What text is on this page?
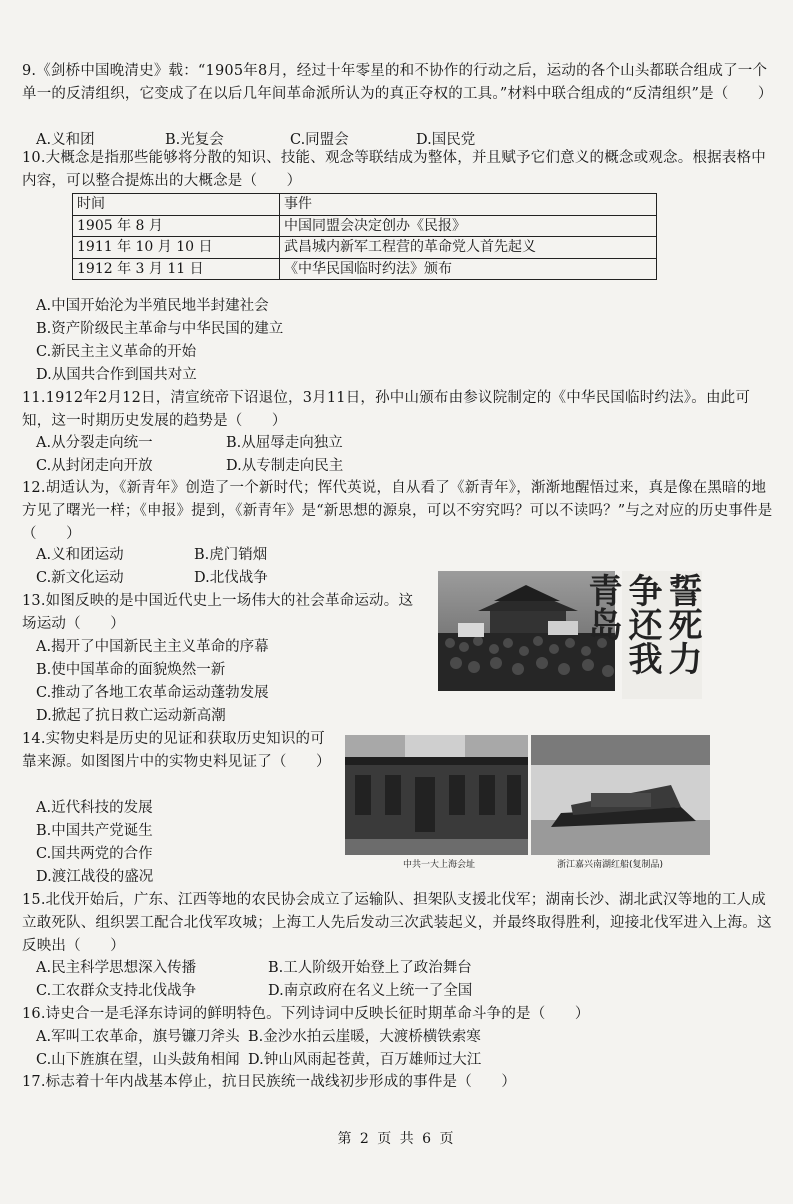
9.《剑桥中国晚清史》载：“1905年8月，经过十年零星的和不协作的行动之后，运动的各个山头都联合组成了一个单一的反清组织，它变成了在以后几年间革命派所认为的真正夺权的工具。”材料中联合组成的“反清组织”是（　　）

A.义和团	B.光复会	C.同盟会	D.国民党

10.大概念是指那些能够将分散的知识、技能、观念等联结成为整体，并且赋予它们意义的概念或观念。根据表格中内容，可以整合提炼出的大概念是（　　）

时间	事件
1905 年 8 月	中国同盟会决定创办《民报》
1911 年 10 月 10 日	武昌城内新军工程营的革命党人首先起义
1912 年 3 月 11 日	《中华民国临时约法》颁布
A.中国开始沦为半殖民地半封建社会
B.资产阶级民主革命与中华民国的建立
C.新民主主义革命的开始
D.从国共合作到国共对立

11.1912年2月12日，清宣统帝下诏退位，3月11日，孙中山颁布由参议院制定的《中华民国临时约法》。由此可知，这一时期历史发展的趋势是（　　）

A.从分裂走向统一	B.从屈辱走向独立
C.从封闭走向开放	D.从专制走向民主

12.胡适认为，《新青年》创造了一个新时代；恽代英说，自从看了《新青年》，渐渐地醒悟过来，真是像在黑暗的地方见了曙光一样；《申报》提到，《新青年》是“新思想的源泉，可以不穷究吗？可以不读吗？”与之对应的历史事件是（　　）

A.义和团运动	B.虎门销烟
C.新文化运动	D.北伐战争

13.如图反映的是中国近代史上一场伟大的社会革命运动。这场运动（　　）

A.揭开了中国新民主主义革命的序幕
B.使中国革命的面貌焕然一新
C.推动了各地工农革命运动蓬勃发展
D.掀起了抗日救亡运动新高潮
誓死力争还我青岛

14.实物史料是历史的见证和获取历史知识的可靠来源。如图图片中的实物史料见证了（　　）

A.近代科技的发展
B.中国共产党诞生
C.国共两党的合作
D.渡江战役的盛况
中共一大上海会址	浙江嘉兴南湖红船(复制品)

15.北伐开始后，广东、江西等地的农民协会成立了运输队、担架队支援北伐军；湖南长沙、湖北武汉等地的工人成立敢死队、组织罢工配合北伐军攻城；上海工人先后发动三次武装起义，并最终取得胜利，迎接北伐军进入上海。这反映出（　　）

A.民主科学思想深入传播	B.工人阶级开始登上了政治舞台
C.工农群众支持北伐战争	D.南京政府在名义上统一了全国

16.诗史合一是毛泽东诗词的鲜明特色。下列诗词中反映长征时期革命斗争的是（　　）

A.军叫工农革命，旗号镰刀斧头 B.金沙水拍云崖暖，大渡桥横铁索寒
C.山下旌旗在望，山头鼓角相闻 D.钟山风雨起苍黄，百万雄师过大江

17.标志着十年内战基本停止，抗日民族统一战线初步形成的事件是（　　）

第 2 页 共 6 页
